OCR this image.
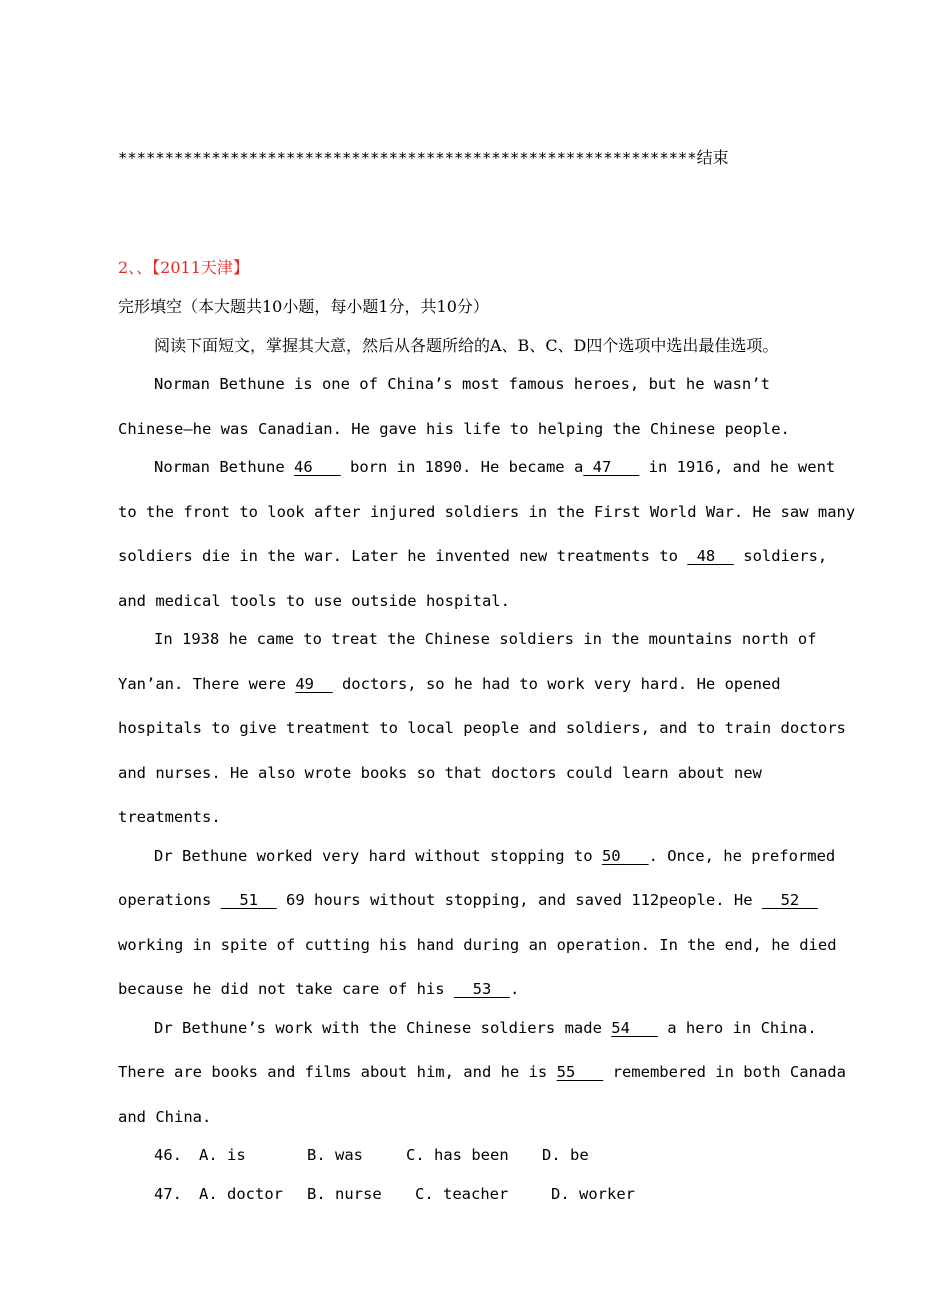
**************************************************************结束
2、、【2011天津】
完形填空（本大题共10小题，每小题1分，共10分）
阅读下面短文，掌握其大意，然后从各题所给的A、B、C、D四个选项中选出最佳选项。
Norman Bethune is one of China’s most famous heroes, but he wasn’t
Chinese—he was Canadian. He gave his life to helping the Chinese people.
Norman Bethune 46    born in 1890. He became a 47    in 1916, and he went
to the front to look after injured soldiers in the First World War. He saw many
soldiers die in the war. Later he invented new treatments to  48   soldiers,
and medical tools to use outside hospital.
In 1938 he came to treat the Chinese soldiers in the mountains north of
Yan’an. There were 49   doctors, so he had to work very hard. He opened
hospitals to give treatment to local people and soldiers, and to train doctors
and nurses. He also wrote books so that doctors could learn about new
treatments.
Dr Bethune worked very hard without stopping to 50   . Once, he preformed
operations   51   69 hours without stopping, and saved 112people. He   52
working in spite of cutting his hand during an operation. In the end, he died
because he did not take care of his   53  .
Dr Bethune’s work with the Chinese soldiers made 54    a hero in China.
There are books and films about him, and he is 55    remembered in both Canada
and China.
46. A. is	B. was	C. has been D. be
47. A. doctor B. nurse C. teacher	D. worker
